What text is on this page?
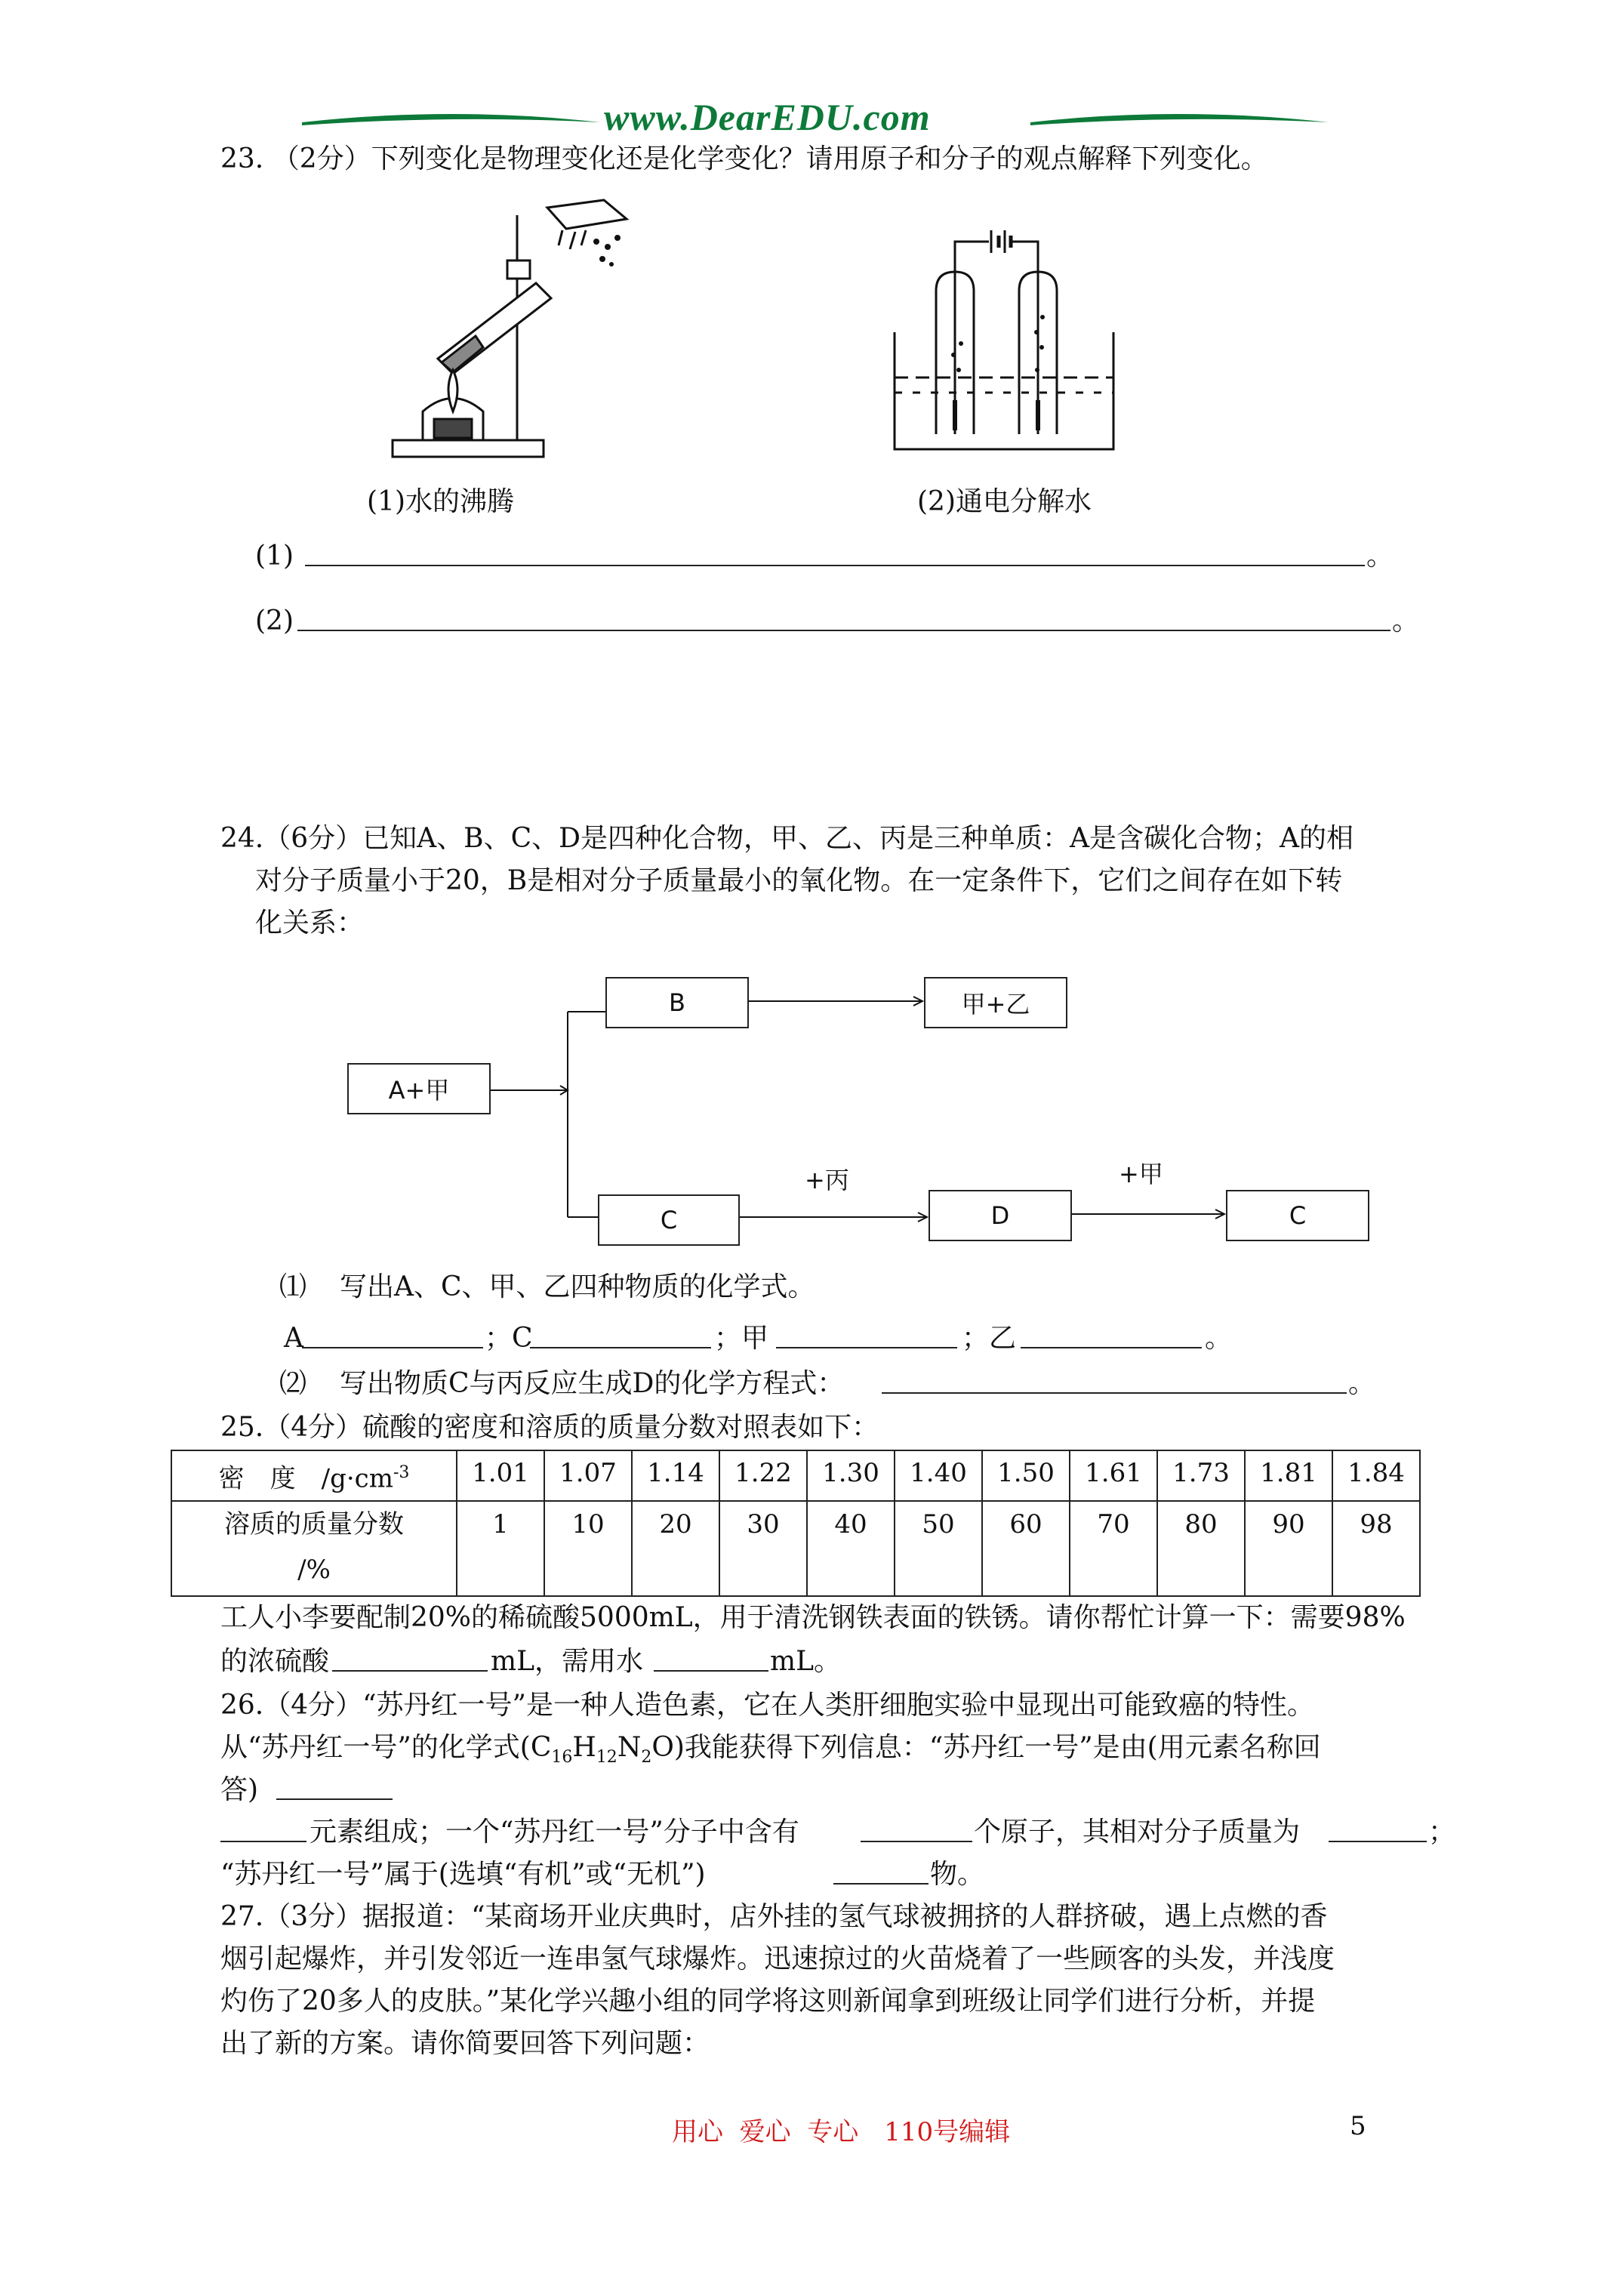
www.DearEDU.com
23. （2分）下列变化是物理变化还是化学变化？请用原子和分子的观点解释下列变化。
(1)水的沸腾	(2)通电分解水
(1)	。
(2)	。
24.（6分）已知A、B、C、D是四种化合物，甲、乙、丙是三种单质：A是含碳化合物；A的相
对分子质量小于20，B是相对分子质量最小的氧化物。在一定条件下，它们之间存在如下转
化关系：
A+甲
B	甲+乙
C
+丙
D
+甲
C
⑴ 写出A、C、甲、乙四种物质的化学式。
A	；C	；甲	；乙	。
⑵ 写出物质C与丙反应生成D的化学方程式：	。
25.（4分）硫酸的密度和溶质的质量分数对照表如下：
密　度　$/g\cdot cm^{-3}$	1.01	1.07	1.14	1.22	1.30	1.40	1.50	1.61	1.73	1.81	1.84

溶质的质量分数
/%	1	10	20	30	40	50	60	70	80	90	98
工人小李要配制20%的稀硫酸5000mL，用于清洗钢铁表面的铁锈。请你帮忙计算一下：需要98%
的浓硫酸	mL，需用水	mL。
26.（4分）“苏丹红一号”是一种人造色素，它在人类肝细胞实验中显现出可能致癌的特性。
从“苏丹红一号”的化学式$(C_{16}H_{12}N_2O)$我能获得下列信息：“苏丹红一号”是由(用元素名称回
答)
元素组成；一个“苏丹红一号”分子中含有	个原子，其相对分子质量为	；
“苏丹红一号”属于(选填“有机”或“无机”)	物。
27.（3分）据报道：“某商场开业庆典时，店外挂的氢气球被拥挤的人群挤破，遇上点燃的香
烟引起爆炸，并引发邻近一连串氢气球爆炸。迅速掠过的火苗烧着了一些顾客的头发，并浅度
灼伤了20多人的皮肤。”某化学兴趣小组的同学将这则新闻拿到班级让同学们进行分析，并提
出了新的方案。请你简要回答下列问题：
用心  爱心  专心　110号编辑	5
